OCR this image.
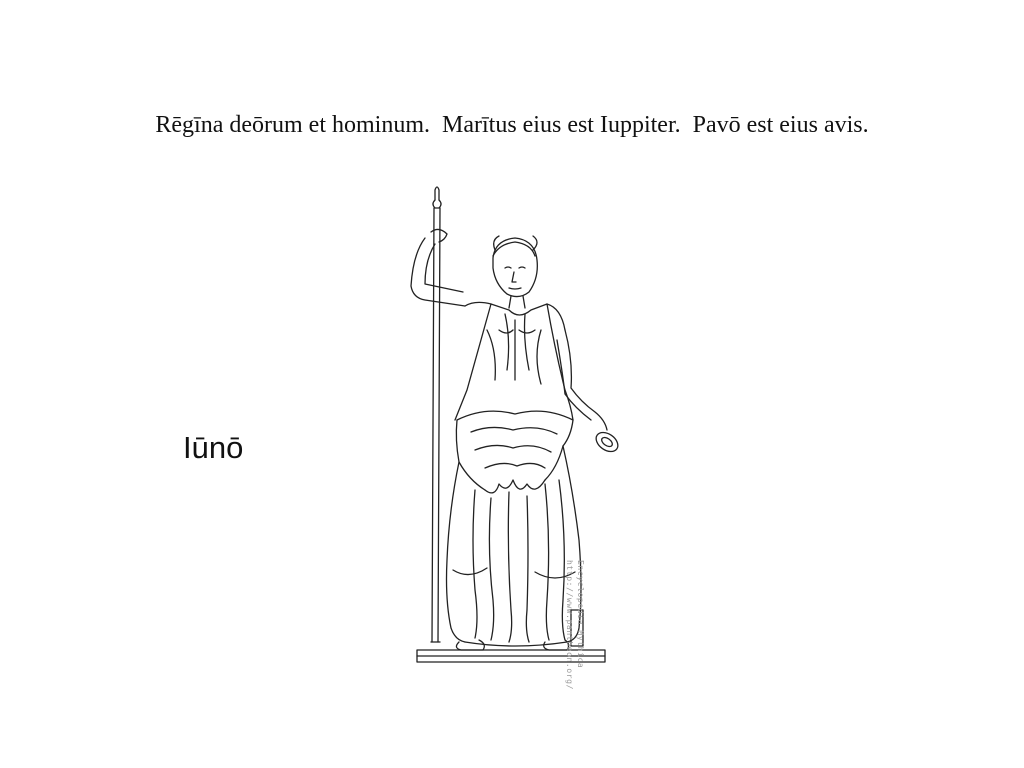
Rēgīna deōrum et hominum.  Marītus eius est Iuppiter.  Pavō est eius avis.
Iūnō
Encyclopedia Mythica
http://www.pantheon.org/
